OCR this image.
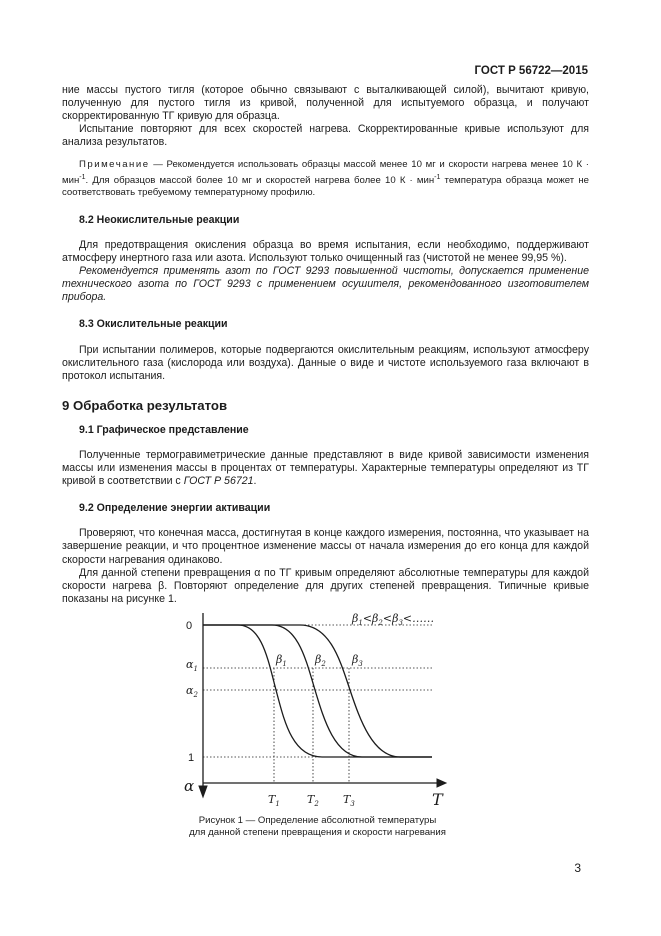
ГОСТ Р 56722—2015

ние массы пустого тигля (которое обычно связывают с выталкивающей силой), вычитают кривую, полученную для пустого тигля из кривой, полученной для испытуемого образца, и получают скорректированную ТГ кривую для образца.

Испытание повторяют для всех скоростей нагрева. Скорректированные кривые используют для анализа результатов.

Примечание — Рекомендуется использовать образцы массой менее 10 мг и скорости нагрева менее 10 К · мин$^{-1}$. Для образцов массой более 10 мг и скоростей нагрева более 10 К · мин$^{-1}$ температура образца может не соответствовать требуемому температурному профилю.

8.2 Неокислительные реакции

Для предотвращения окисления образца во время испытания, если необходимо, поддерживают атмосферу инертного газа или азота. Используют только очищенный газ (чистотой не менее 99,95 %).

Рекомендуется применять азот по ГОСТ 9293 повышенной чистоты, допускается применение технического азота по ГОСТ 9293 с применением осушителя, рекомендованного изготовителем прибора.

8.3 Окислительные реакции

При испытании полимеров, которые подвергаются окислительным реакциям, используют атмосферу окислительного газа (кислорода или воздуха). Данные о виде и чистоте используемого газа включают в протокол испытания.

9 Обработка результатов
9.1 Графическое представление

Полученные термогравиметрические данные представляют в виде кривой зависимости изменения массы или изменения массы в процентах от температуры. Характерные температуры определяют из ТГ кривой в соответствии с ГОСТ Р 56721.

9.2 Определение энергии активации

Проверяют, что конечная масса, достигнутая в конце каждого измерения, постоянна, что указывает на завершение реакции, и что процентное изменение массы от начала измерения до его конца для каждой скорости нагревания одинаково.

Для данной степени превращения α по ТГ кривым определяют абсолютные температуры для каждой скорости нагрева β. Повторяют определение для других степеней превращения. Типичные кривые показаны на рисунке 1.

$\beta_1<\beta_2<\beta_3<\dots\dots$
0
$\alpha_1$
$\alpha_2$
1
α
T
$\beta_1$	$\beta_2$ $\beta_3$
$T_1$ $T_2$ $T_3$
Рисунок 1 — Определение абсолютной температуры
для данной степени превращения и скорости нагревания
3
